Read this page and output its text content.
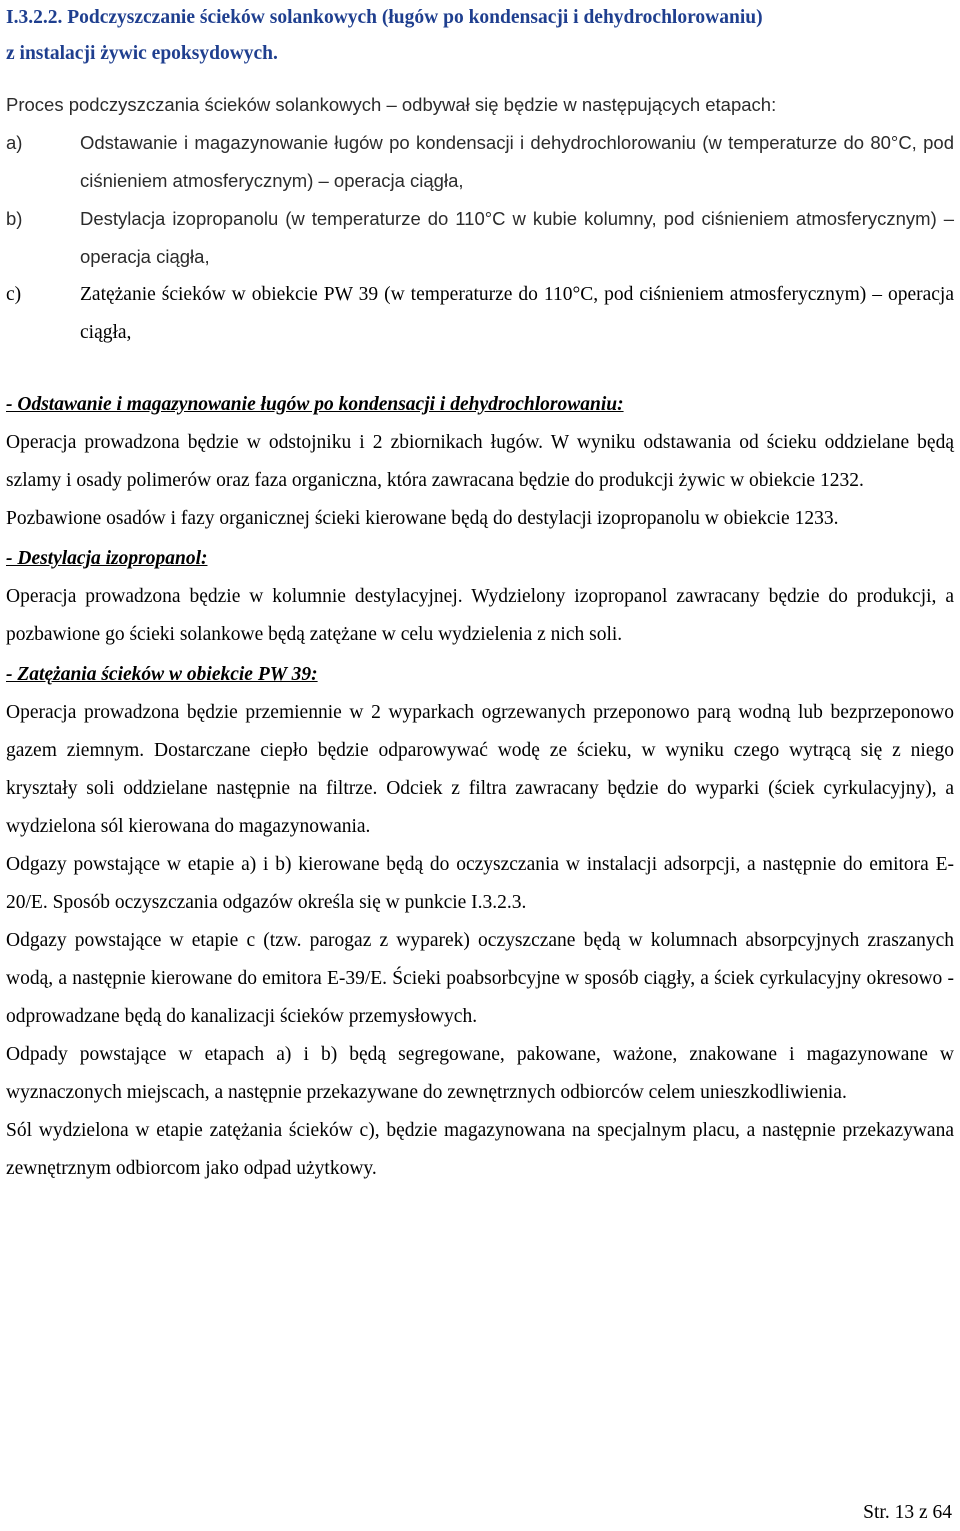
I.3.2.2. Podczyszczanie ścieków solankowych (ługów po kondensacji i dehydrochlorowaniu)
z instalacji żywic epoksydowych.

Proces podczyszczania ścieków solankowych – odbywał się będzie w następujących etapach:

a)	Odstawanie i magazynowanie ługów po kondensacji i dehydrochlorowaniu (w temperaturze do 80°C, pod ciśnieniem atmosferycznym) – operacja ciągła,
b)	Destylacja izopropanolu (w temperaturze do 110°C w kubie kolumny, pod ciśnieniem atmosferycznym) – operacja ciągła,
c)	Zatężanie ścieków w obiekcie PW 39 (w temperaturze do 110°C, pod ciśnieniem atmosferycznym) – operacja ciągła,
- Odstawanie i magazynowanie ługów po kondensacji i dehydrochlorowaniu:

Operacja prowadzona będzie w odstojniku i 2 zbiornikach ługów. W wyniku odstawania od ścieku oddzielane będą szlamy i osady polimerów oraz faza organiczna, która zawracana będzie do produkcji żywic w obiekcie 1232.

Pozbawione osadów i fazy organicznej ścieki kierowane będą do destylacji izopropanolu w obiekcie 1233.

- Destylacja izopropanol:

Operacja prowadzona będzie w kolumnie destylacyjnej. Wydzielony izopropanol zawracany będzie do produkcji, a pozbawione go ścieki solankowe będą zatężane w celu wydzielenia z nich soli.

- Zatężania ścieków w obiekcie PW 39:

Operacja prowadzona będzie przemiennie w 2 wyparkach ogrzewanych przeponowo parą wodną lub bezprzeponowo gazem ziemnym. Dostarczane ciepło będzie odparowywać wodę ze ścieku, w wyniku czego wytrącą się z niego kryształy soli oddzielane następnie na filtrze. Odciek z filtra zawracany będzie do wyparki (ściek cyrkulacyjny), a wydzielona sól kierowana do magazynowania.

Odgazy powstające w etapie a) i b) kierowane będą do oczyszczania w instalacji adsorpcji, a następnie do emitora E-20/E. Sposób oczyszczania odgazów określa się w punkcie I.3.2.3.

Odgazy powstające w etapie c (tzw. parogaz z wyparek) oczyszczane będą w kolumnach absorpcyjnych zraszanych wodą, a następnie kierowane do emitora E-39/E. Ścieki poabsorbcyjne w sposób ciągły, a ściek cyrkulacyjny okresowo - odprowadzane będą do kanalizacji ścieków przemysłowych.

Odpady powstające w etapach a) i b) będą segregowane, pakowane, ważone, znakowane i magazynowane w wyznaczonych miejscach, a następnie przekazywane do zewnętrznych odbiorców celem unieszkodliwienia.

Sól wydzielona w etapie zatężania ścieków c), będzie magazynowana na specjalnym placu, a następnie przekazywana zewnętrznym odbiorcom jako odpad użytkowy.

Str. 13 z 64
